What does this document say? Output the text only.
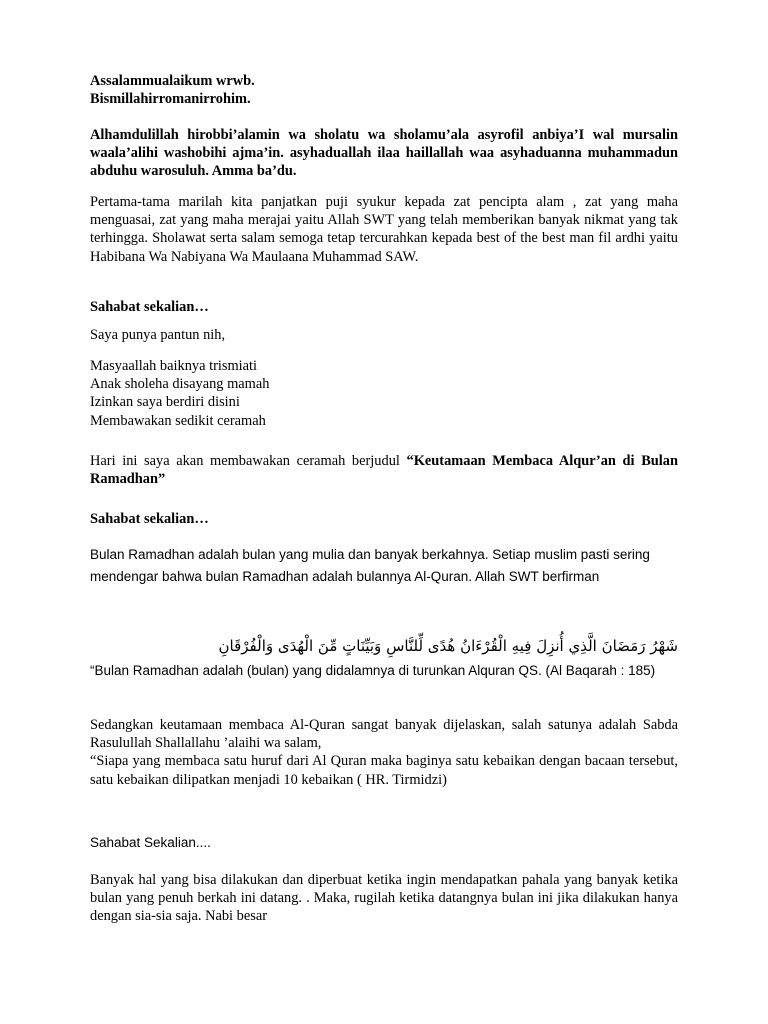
Assalammualaikum wrwb.
Bismillahirromanirrohim.

Alhamdulillah hirobbi’alamin wa sholatu wa sholamu’ala asyrofil anbiya’I wal mursalin waala’alihi washobihi ajma’in. asyhaduallah ilaa haillallah waa asyhaduanna muhammadun abduhu warosuluh. Amma ba’du.

Pertama-tama marilah kita panjatkan puji syukur kepada zat pencipta alam , zat yang maha menguasai, zat yang maha merajai yaitu Allah SWT yang telah memberikan banyak nikmat yang tak terhingga. Sholawat serta salam semoga tetap tercurahkan kepada best of the best man fil ardhi yaitu Habibana Wa Nabiyana Wa Maulaana Muhammad SAW.

Sahabat sekalian…

Saya punya pantun nih,

Masyaallah baiknya trismiati
Anak sholeha disayang mamah
Izinkan saya berdiri disini
Membawakan sedikit ceramah

Hari ini saya akan membawakan ceramah berjudul “Keutamaan Membaca Alqur’an di Bulan Ramadhan”

Sahabat sekalian…

Bulan Ramadhan adalah bulan yang mulia dan banyak berkahnya. Setiap muslim pasti sering mendengar bahwa bulan Ramadhan adalah bulannya Al-Quran. Allah SWT berfirman

شَهْرُ رَمَضَانَ الَّذِي أُنزِلَ فِيهِ الْقُرْءَانُ هُدًى لِّلنَّاسِ وَبَيِّنَاتٍ مِّنَ الْهُدَى وَالْفُرْقَانِ

“Bulan Ramadhan adalah (bulan) yang didalamnya di turunkan Alquran QS. (Al Baqarah : 185)

Sedangkan keutamaan membaca Al-Quran sangat banyak dijelaskan, salah satunya adalah Sabda Rasulullah Shallallahu ’alaihi wa salam,
“Siapa yang membaca satu huruf dari Al Quran maka baginya satu kebaikan dengan bacaan tersebut, satu kebaikan dilipatkan menjadi 10 kebaikan ( HR. Tirmidzi)

Sahabat Sekalian....

Banyak hal yang bisa dilakukan dan diperbuat ketika ingin mendapatkan pahala yang banyak ketika bulan yang penuh berkah ini datang. . Maka, rugilah ketika datangnya bulan ini jika dilakukan hanya dengan sia-sia saja. Nabi besar
